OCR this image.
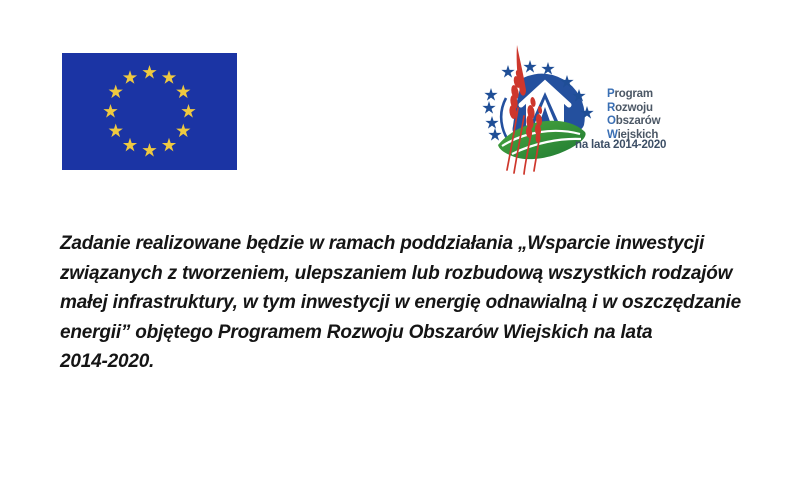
Program
Rozwoju
Obszarów
Wiejskich
na lata 2014-2020
Zadanie realizowane będzie w ramach poddziałania „Wsparcie inwestycji
związanych z tworzeniem, ulepszaniem lub rozbudową wszystkich rodzajów
małej infrastruktury, w tym inwestycji w energię odnawialną i w oszczędzanie
energii” objętego Programem Rozwoju Obszarów Wiejskich na lata
2014-2020.
